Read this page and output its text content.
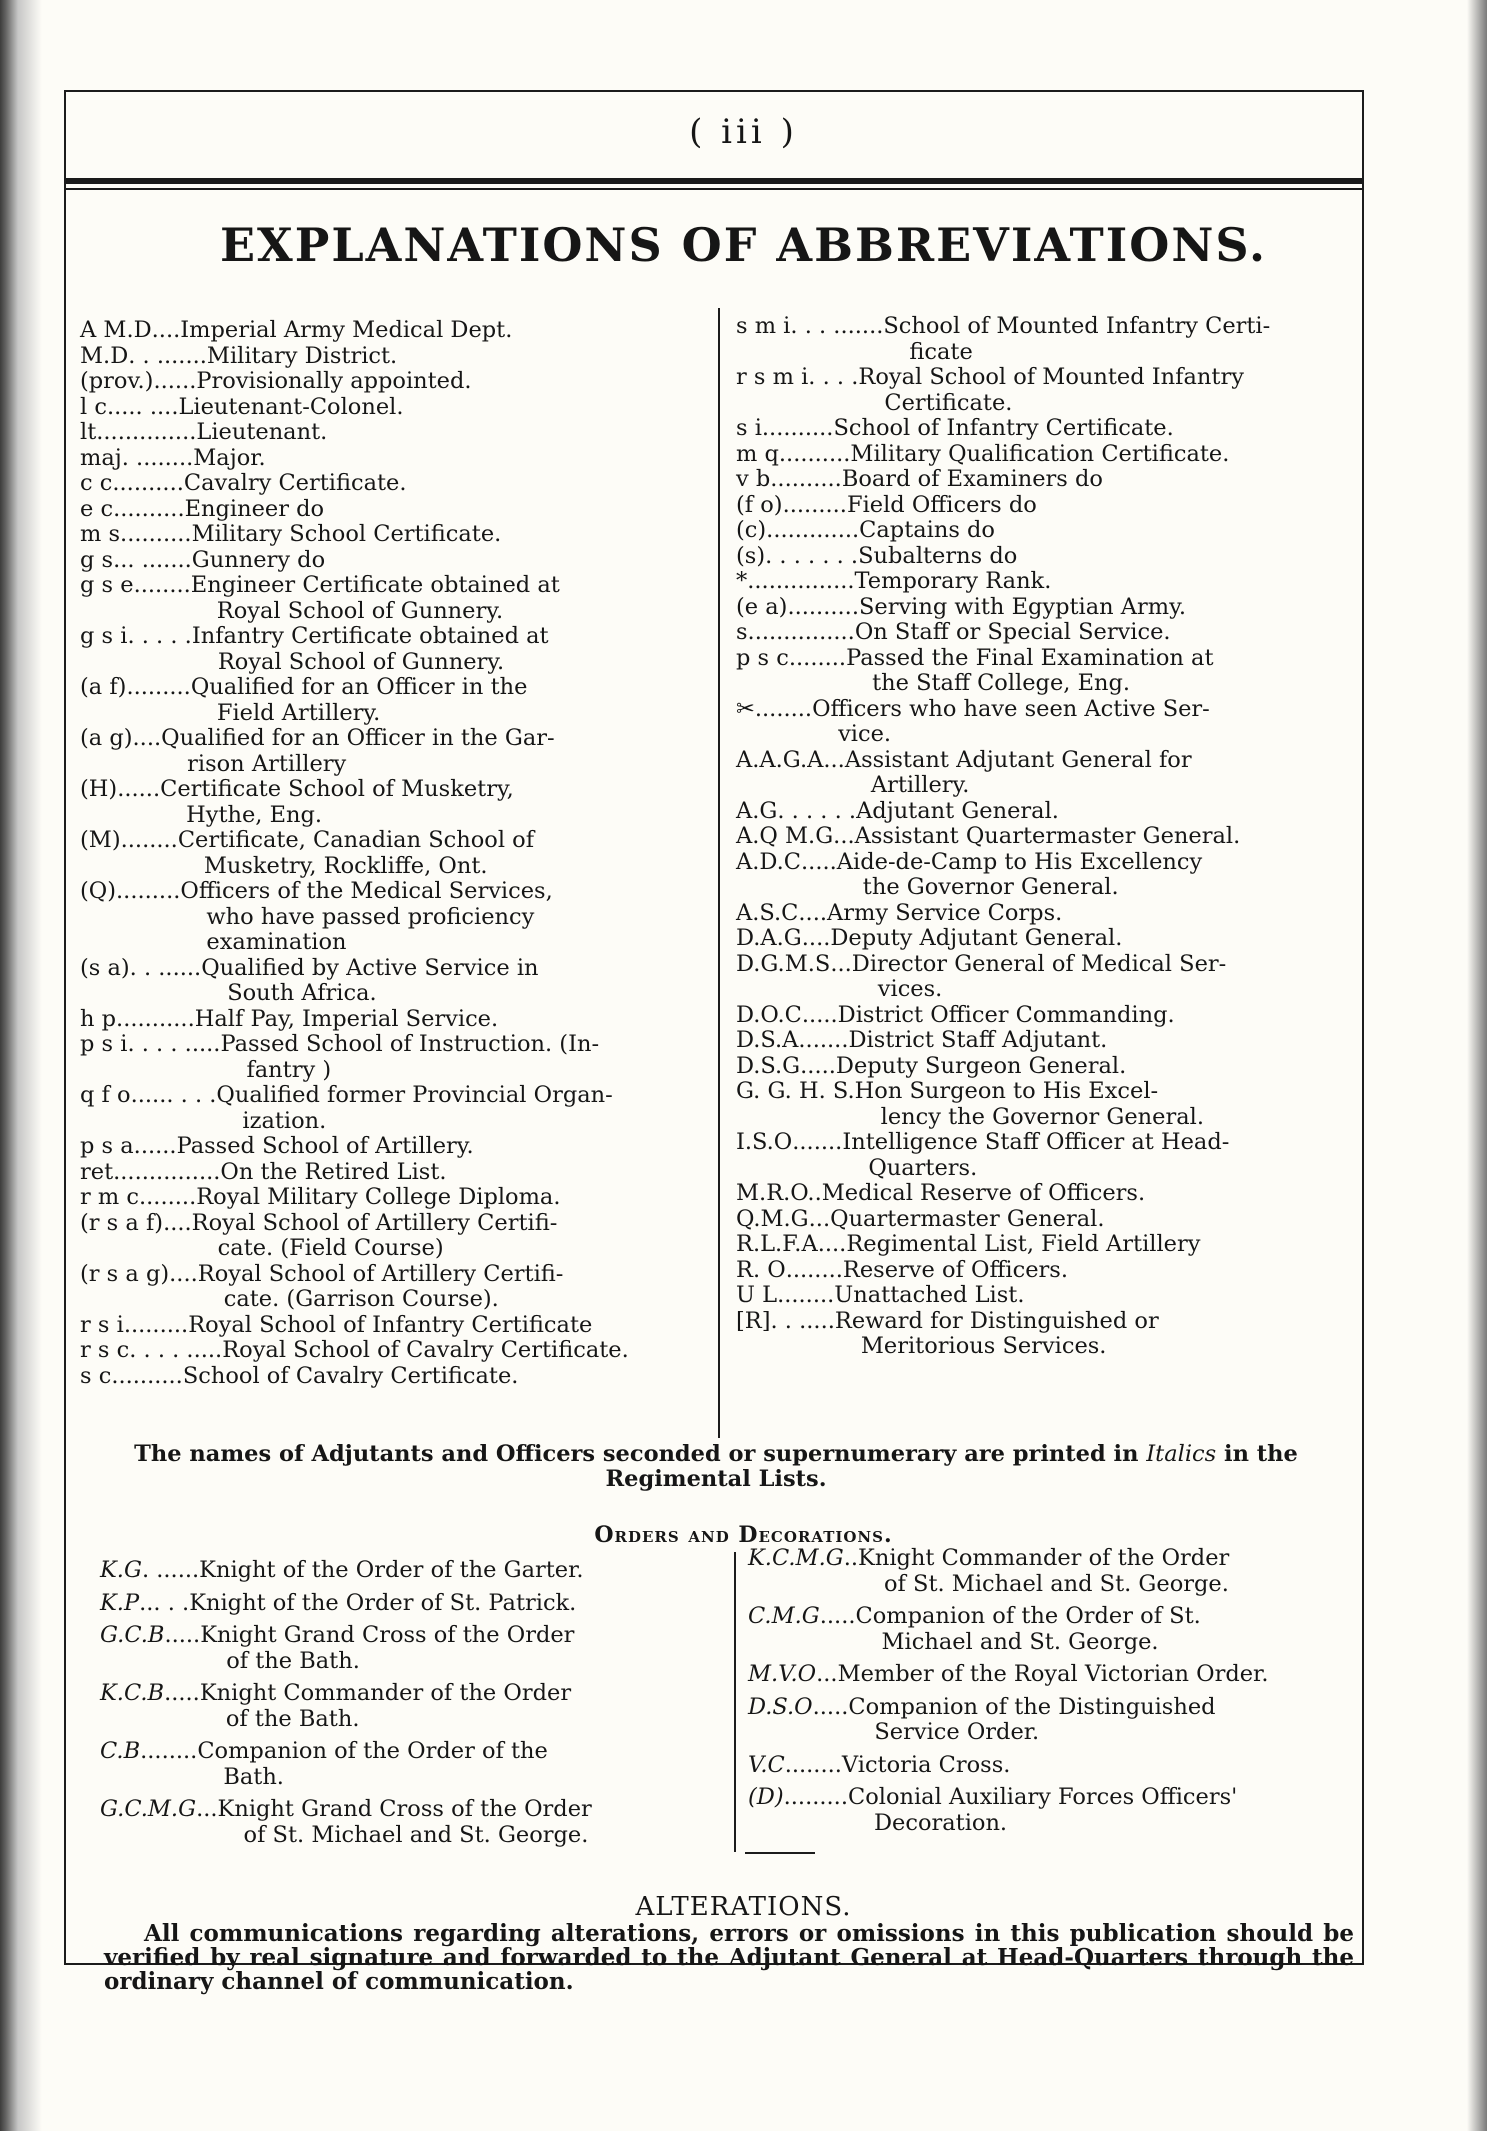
( iii )
EXPLANATIONS OF ABBREVIATIONS.
A M.D .... Imperial Army Medical Dept.
M.D . . ....... Military District.
(prov.) ...... Provisionally appointed.
l c ..... .... Lieutenant-Colonel.
lt .............. Lieutenant.
maj . ........ Major.
c c .......... Cavalry Certificate.
e c .......... Engineer do
m s .......... Military School Certificate.
g s ... ....... Gunnery do
g s e ........ Engineer Certificate obtained at
Royal School of Gunnery.
g s i . . . . . Infantry Certificate obtained at
Royal School of Gunnery.
(a f) ......... Qualified for an Officer in the
Field Artillery.
(a g) .... Qualified for an Officer in the Gar-
rison Artillery
(H) ...... Certificate School of Musketry,
Hythe, Eng.
(M) ........ Certificate, Canadian School of
Musketry, Rockliffe, Ont.
(Q) ......... Officers of the Medical Services,
who have passed proficiency
examination
(s a) . . ...... Qualified by Active Service in
South Africa.
h p ........... Half Pay, Imperial Service.
p s i . . . . ..... Passed School of Instruction. (In-
fantry )
q f o ...... . . . Qualified former Provincial Organ-
ization.
p s a ...... Passed School of Artillery.
ret ............... On the Retired List.
r m c ........ Royal Military College Diploma.
(r s a f) .... Royal School of Artillery Certifi-
cate. (Field Course)
(r s a g) .... Royal School of Artillery Certifi-
cate. (Garrison Course).
r s i ......... Royal School of Infantry Certificate
r s c . . . . ..... Royal School of Cavalry Certificate.
s c .......... School of Cavalry Certificate.
s m i . . . ....... School of Mounted Infantry Certi-
ficate
r s m i . . . . Royal School of Mounted Infantry
Certificate.
s i .......... School of Infantry Certificate.
m q .......... Military Qualification Certificate.
v b .......... Board of Examiners do
(f o) ......... Field Officers do
(c) ............. Captains do
(s) . . . . . . . Subalterns do
* ............... Temporary Rank.
(e a) .......... Serving with Egyptian Army.
s ............... On Staff or Special Service.
p s c ........ Passed the Final Examination at
the Staff College, Eng.
✂ ........ Officers who have seen Active Ser-
vice.
A.A.G.A ... Assistant Adjutant General for
Artillery.
A.G . . . . . . Adjutant General.
A.Q M.G ... Assistant Quartermaster General.
A.D.C ..... Aide-de-Camp to His Excellency
the Governor General.
A.S.C .... Army Service Corps.
D.A.G .... Deputy Adjutant General.
D.G.M.S ... Director General of Medical Ser-
vices.
D.O.C ..... District Officer Commanding.
D.S.A ....... District Staff Adjutant.
D.S.G ..... Deputy Surgeon General.
G. G. H. S. Hon Surgeon to His Excel-
lency the Governor General.
I.S.O ....... Intelligence Staff Officer at Head-
Quarters.
M.R.O. . Medical Reserve of Officers.
Q.M.G ... Quartermaster General.
R.L.F.A .... Regimental List, Field Artillery
R. O ........ Reserve of Officers.
U L ........ Unattached List.
[R] . . ..... Reward for Distinguished or
Meritorious Services.
The names of Adjutants and Officers seconded or supernumerary are printed in Italics in the Regimental Lists.
Orders and Decorations.
K.G . ...... Knight of the Order of the Garter.
K.P ... . . Knight of the Order of St. Patrick.
G.C.B ..... Knight Grand Cross of the Order
of the Bath.
K.C.B ..... Knight Commander of the Order
of the Bath.
C.B ........ Companion of the Order of the
Bath.
G.C.M.G ... Knight Grand Cross of the Order
of St. Michael and St. George.
K.C.M.G .. Knight Commander of the Order
of St. Michael and St. George.
C.M.G ..... Companion of the Order of St.
Michael and St. George.
M.V.O ... Member of the Royal Victorian Order.
D.S.O ..... Companion of the Distinguished
Service Order.
V.C ........ Victoria Cross.
(D) ......... Colonial Auxiliary Forces Officers'
Decoration.
ALTERATIONS.
All communications regarding alterations, errors or omissions in this publication should be verified by real signature and forwarded to the Adjutant General at Head-Quarters through the ordinary channel of communication.
